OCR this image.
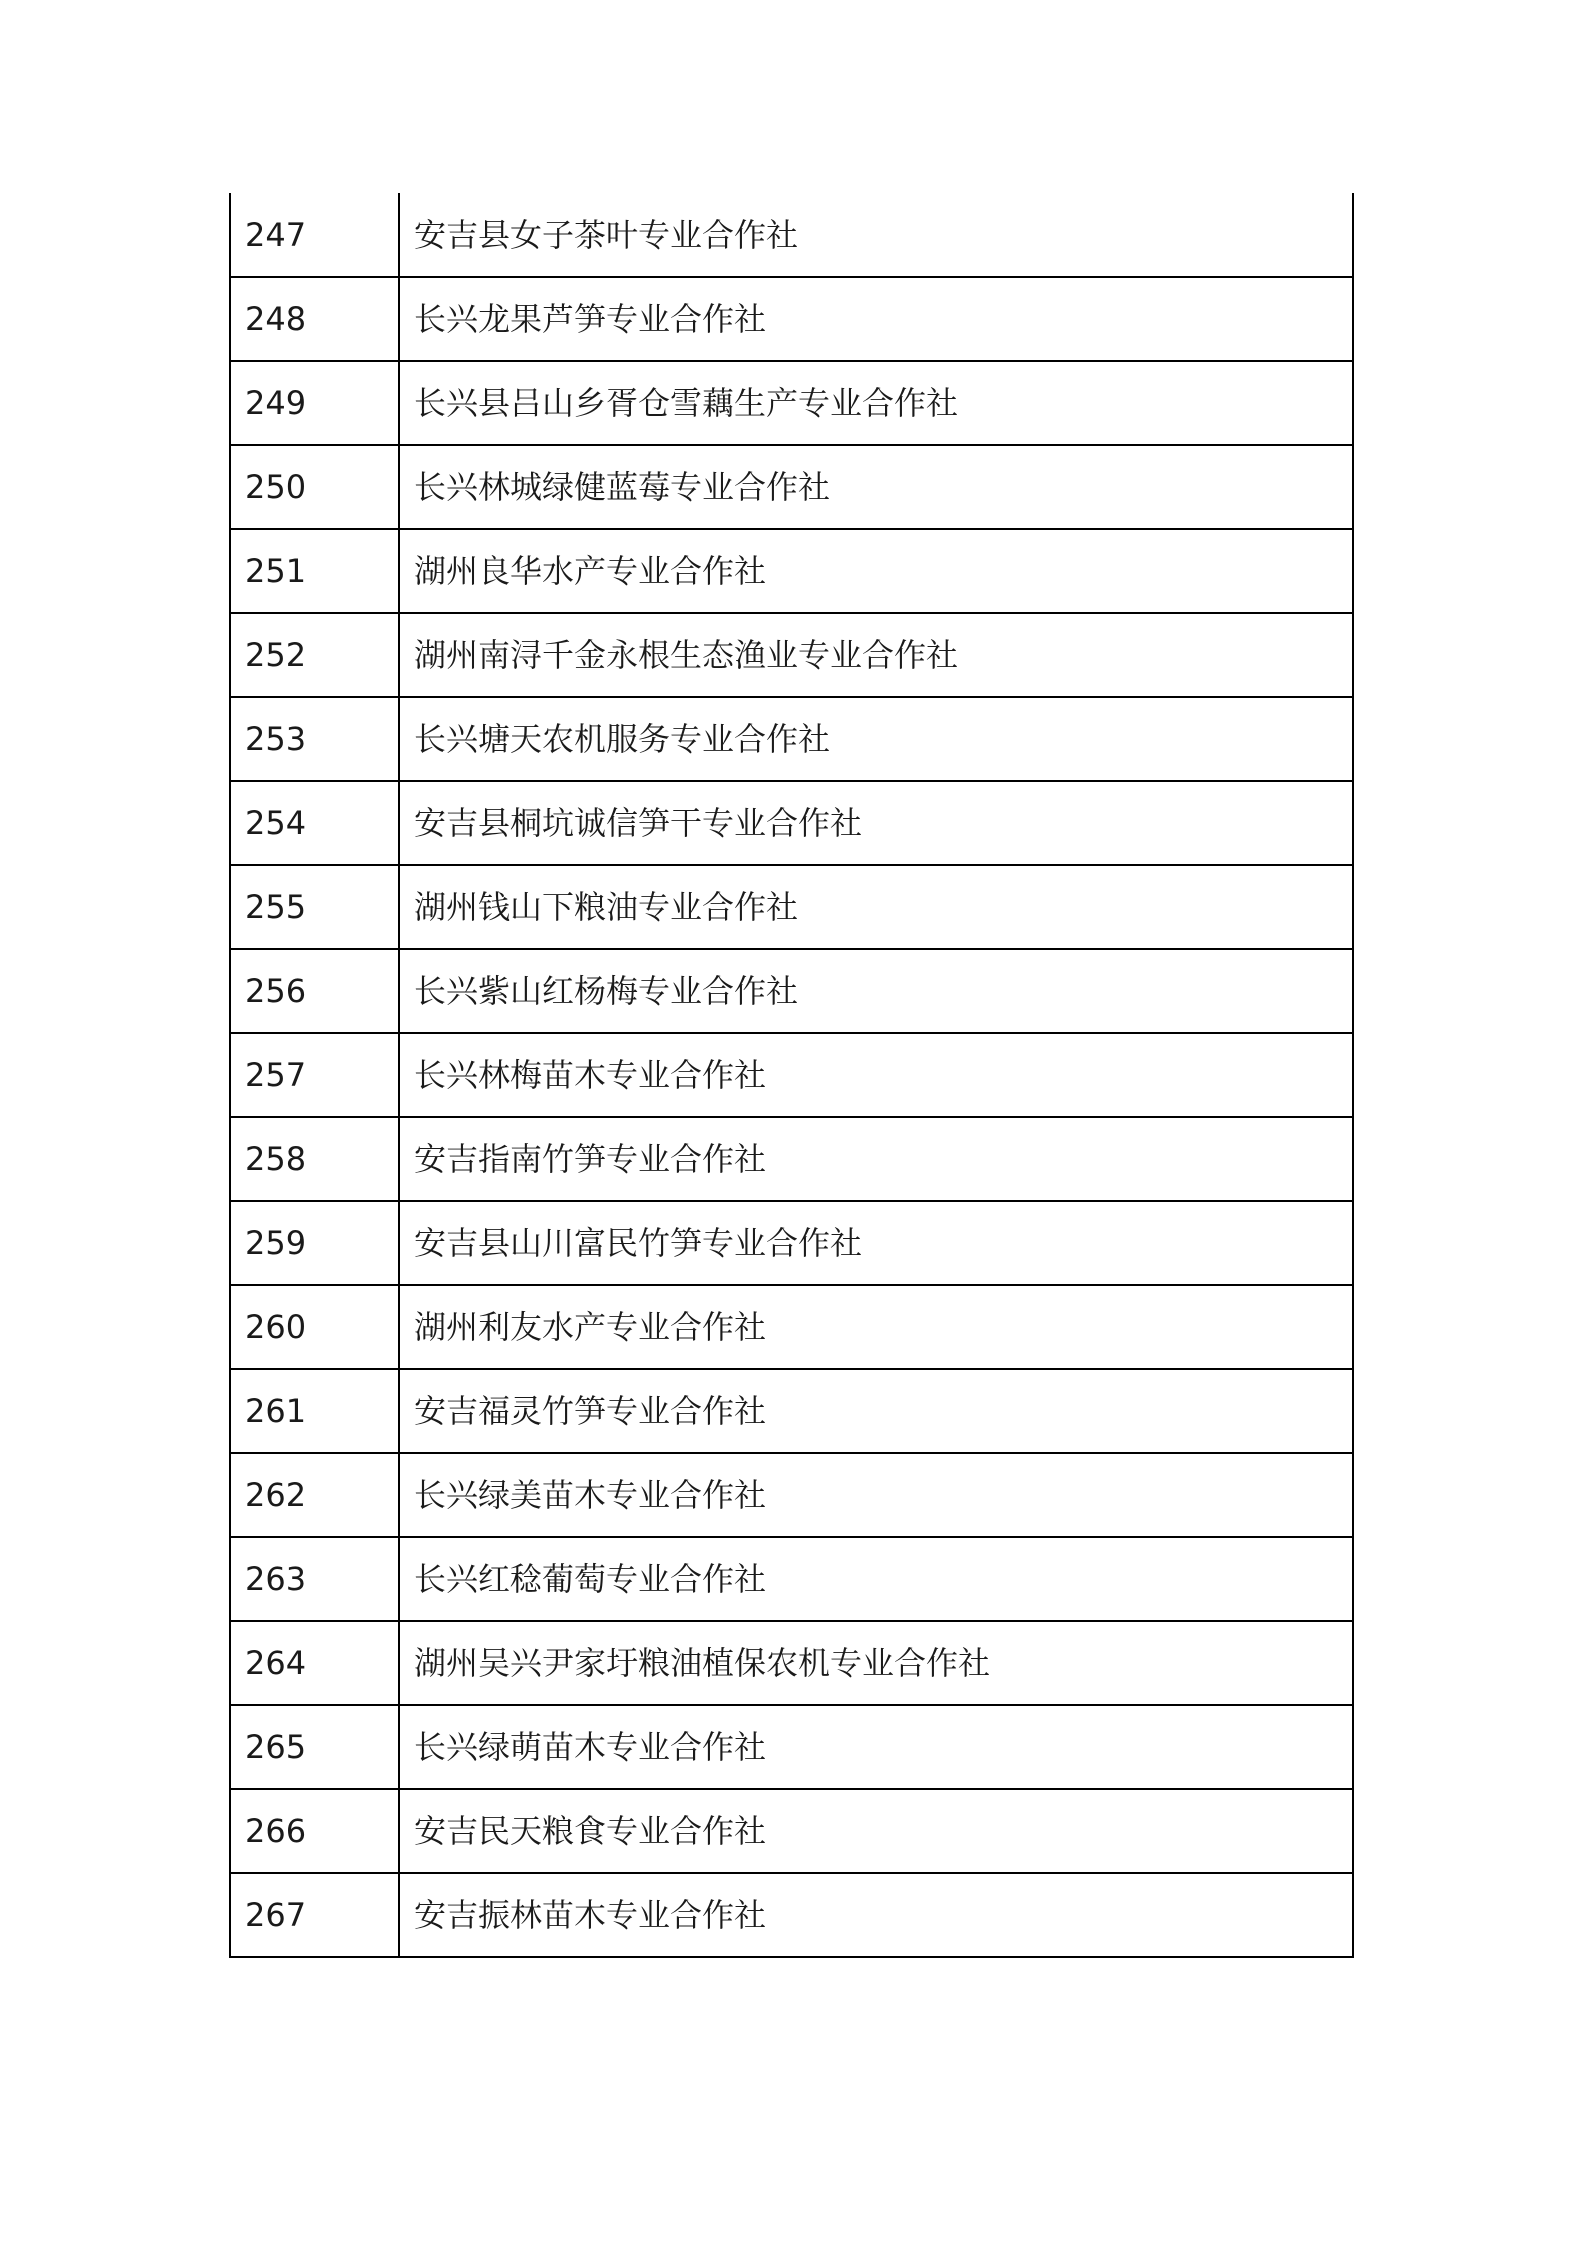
247	安吉县女子茶叶专业合作社
248	长兴龙果芦笋专业合作社
249	长兴县吕山乡胥仓雪藕生产专业合作社
250	长兴林城绿健蓝莓专业合作社
251	湖州良华水产专业合作社
252	湖州南浔千金永根生态渔业专业合作社
253	长兴塘天农机服务专业合作社
254	安吉县桐坑诚信笋干专业合作社
255	湖州钱山下粮油专业合作社
256	长兴紫山红杨梅专业合作社
257	长兴林梅苗木专业合作社
258	安吉指南竹笋专业合作社
259	安吉县山川富民竹笋专业合作社
260	湖州利友水产专业合作社
261	安吉福灵竹笋专业合作社
262	长兴绿美苗木专业合作社
263	长兴红稔葡萄专业合作社
264	湖州吴兴尹家圩粮油植保农机专业合作社
265	长兴绿萌苗木专业合作社
266	安吉民天粮食专业合作社
267	安吉振林苗木专业合作社
